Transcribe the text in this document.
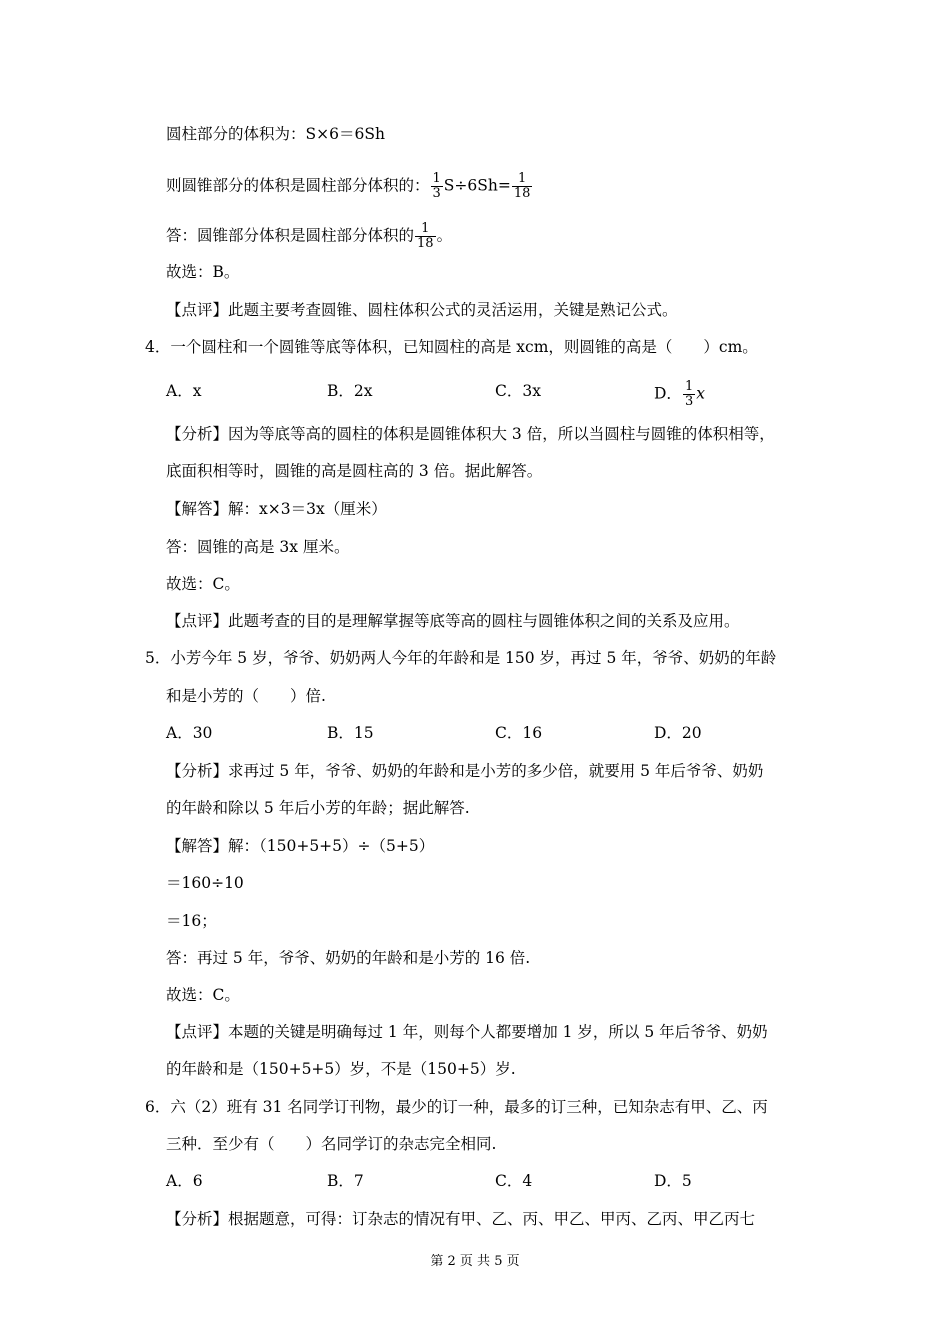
圆柱部分的体积为：S×6＝6Sh
则圆锥部分的体积是圆柱部分体积的： $\frac{1}{3} S\div 6Sh= \frac{1}{18}$
答：圆锥部分体积是圆柱部分体积的 $\frac{1}{18}$ 。
故选：B。
【点评】此题主要考查圆锥、圆柱体积公式的灵活运用，关键是熟记公式。
4．一个圆柱和一个圆锥等底等体积，已知圆柱的高是 xcm，则圆锥的高是（　　）cm。
A．x	B．2x	C．3x	D． $\frac{1}{3}$ x
【分析】因为等底等高的圆柱的体积是圆锥体积大 3 倍，所以当圆柱与圆锥的体积相等，
底面积相等时，圆锥的高是圆柱高的 3 倍。据此解答。
【解答】解：x×3＝3x（厘米）
答：圆锥的高是 3x 厘米。
故选：C。
【点评】此题考查的目的是理解掌握等底等高的圆柱与圆锥体积之间的关系及应用。
5．小芳今年 5 岁，爷爷、奶奶两人今年的年龄和是 150 岁，再过 5 年，爷爷、奶奶的年龄
和是小芳的（　　）倍.
A．30	B．15	C．16	D．20
【分析】求再过 5 年，爷爷、奶奶的年龄和是小芳的多少倍，就要用 5 年后爷爷、奶奶
的年龄和除以 5 年后小芳的年龄；据此解答.
【解答】解：（150+5+5）÷（5+5）
＝160÷10
＝16；
答：再过 5 年，爷爷、奶奶的年龄和是小芳的 16 倍.
故选：C。
【点评】本题的关键是明确每过 1 年，则每个人都要增加 1 岁，所以 5 年后爷爷、奶奶
的年龄和是（150+5+5）岁，不是（150+5）岁.
6．六（2）班有 31 名同学订刊物，最少的订一种，最多的订三种，已知杂志有甲、乙、丙
三种．至少有（　　）名同学订的杂志完全相同.
A．6	B．7	C．4	D．5
【分析】根据题意，可得：订杂志的情况有甲、乙、丙、甲乙、甲丙、乙丙、甲乙丙七
第 2 页 共 5 页
